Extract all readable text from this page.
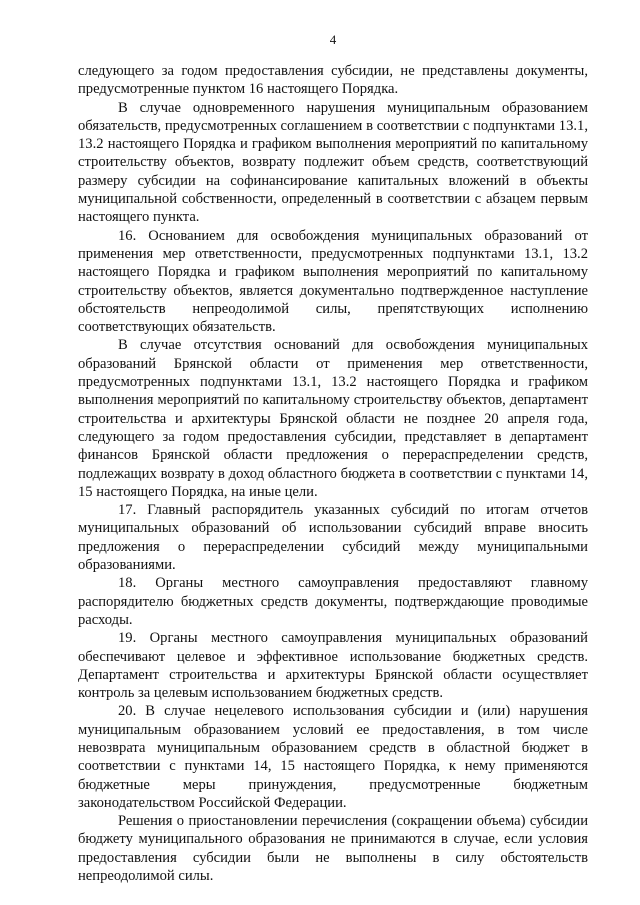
4

следующего за годом предоставления субсидии, не представлены документы, предусмотренные пунктом 16 настоящего Порядка.

В случае одновременного нарушения муниципальным образованием обязательств, предусмотренных соглашением в соответствии с подпунктами 13.1, 13.2 настоящего Порядка и графиком выполнения мероприятий по капитальному строительству объектов, возврату подлежит объем средств, соответствующий размеру субсидии на софинансирование капитальных вложений в объекты муниципальной собственности, определенный в соответствии с абзацем первым настоящего пункта.

16. Основанием для освобождения муниципальных образований от применения мер ответственности, предусмотренных подпунктами 13.1, 13.2 настоящего Порядка и графиком выполнения мероприятий по капитальному строительству объектов, является документально подтвержденное наступление обстоятельств непреодолимой силы, препятствующих исполнению соответствующих обязательств.

В случае отсутствия оснований для освобождения муниципальных образований Брянской области от применения мер ответственности, предусмотренных подпунктами 13.1, 13.2 настоящего Порядка и графиком выполнения мероприятий по капитальному строительству объектов, департамент строительства и архитектуры Брянской области не позднее 20 апреля года, следующего за годом предоставления субсидии, представляет в департамент финансов Брянской области предложения о перераспределении средств, подлежащих возврату в доход областного бюджета в соответствии с пунктами 14, 15 настоящего Порядка, на иные цели.

17. Главный распорядитель указанных субсидий по итогам отчетов муниципальных образований об использовании субсидий вправе вносить предложения о перераспределении субсидий между муниципальными образованиями.

18. Органы местного самоуправления предоставляют главному распорядителю бюджетных средств документы, подтверждающие проводимые расходы.

19. Органы местного самоуправления муниципальных образований обеспечивают целевое и эффективное использование бюджетных средств. Департамент строительства и архитектуры Брянской области осуществляет контроль за целевым использованием бюджетных средств.

20. В случае нецелевого использования субсидии и (или) нарушения муниципальным образованием условий ее предоставления, в том числе невозврата муниципальным образованием средств в областной бюджет в соответствии с пунктами 14, 15 настоящего Порядка, к нему применяются бюджетные меры принуждения, предусмотренные бюджетным законодательством Российской Федерации.

Решения о приостановлении перечисления (сокращении объема) субсидии бюджету муниципального образования не принимаются в случае, если условия предоставления субсидии были не выполнены в силу обстоятельств непреодолимой силы.
